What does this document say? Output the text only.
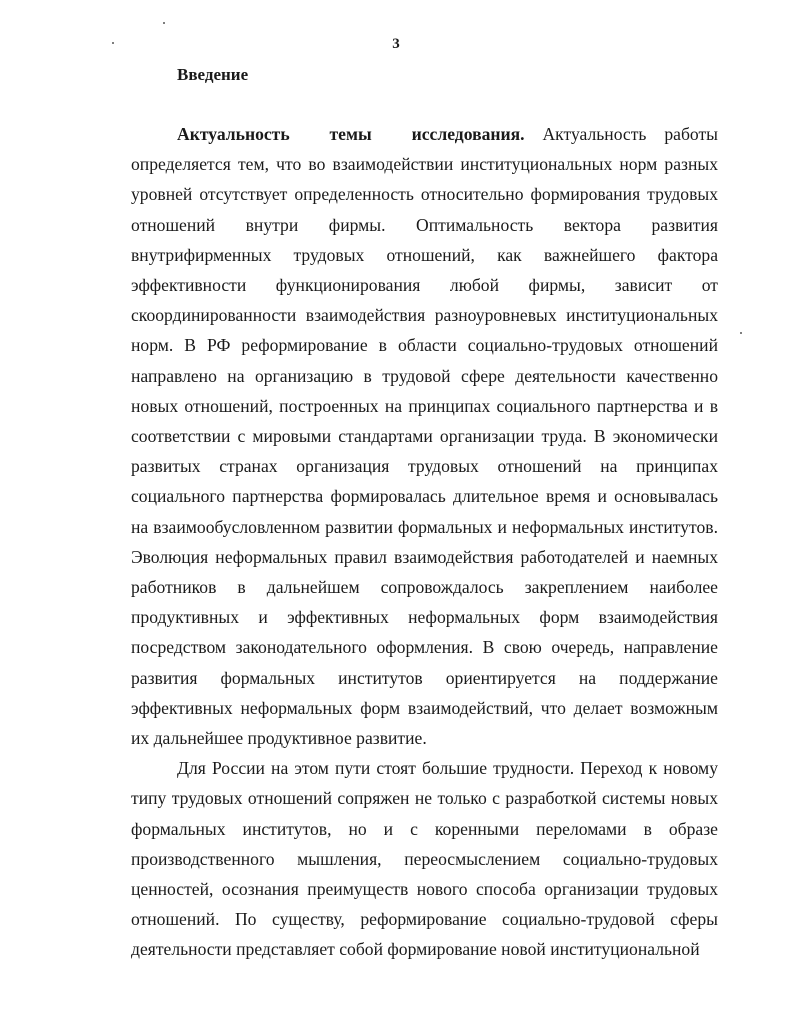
3
Введение

Актуальность темы исследования. Актуальность работы определяется тем, что во взаимодействии институциональных норм разных уровней отсутствует определенность относительно формирования трудовых отношений внутри фирмы. Оптимальность вектора развития внутрифирменных трудовых отношений, как важнейшего фактора эффективности функционирования любой фирмы, зависит от скоординированности взаимодействия разноуровневых институциональных норм. В РФ реформирование в области социально-трудовых отношений направлено на организацию в трудовой сфере деятельности качественно новых отношений, построенных на принципах социального партнерства и в соответствии с мировыми стандартами организации труда. В экономически развитых странах организация трудовых отношений на принципах социального партнерства формировалась длительное время и основывалась на взаимообусловленном развитии формальных и неформальных институтов. Эволюция неформальных правил взаимодействия работодателей и наемных работников в дальнейшем сопровождалось закреплением наиболее продуктивных и эффективных неформальных форм взаимодействия посредством законодательного оформления. В свою очередь, направление развития формальных институтов ориентируется на поддержание эффективных неформальных форм взаимодействий, что делает возможным их дальнейшее продуктивное развитие.

Для России на этом пути стоят большие трудности. Переход к новому типу трудовых отношений сопряжен не только с разработкой системы новых формальных институтов, но и с коренными переломами в образе производственного мышления, переосмыслением социально-трудовых ценностей, осознания преимуществ нового способа организации трудовых отношений. По существу, реформирование социально-трудовой сферы деятельности представляет собой формирование новой институциональной
